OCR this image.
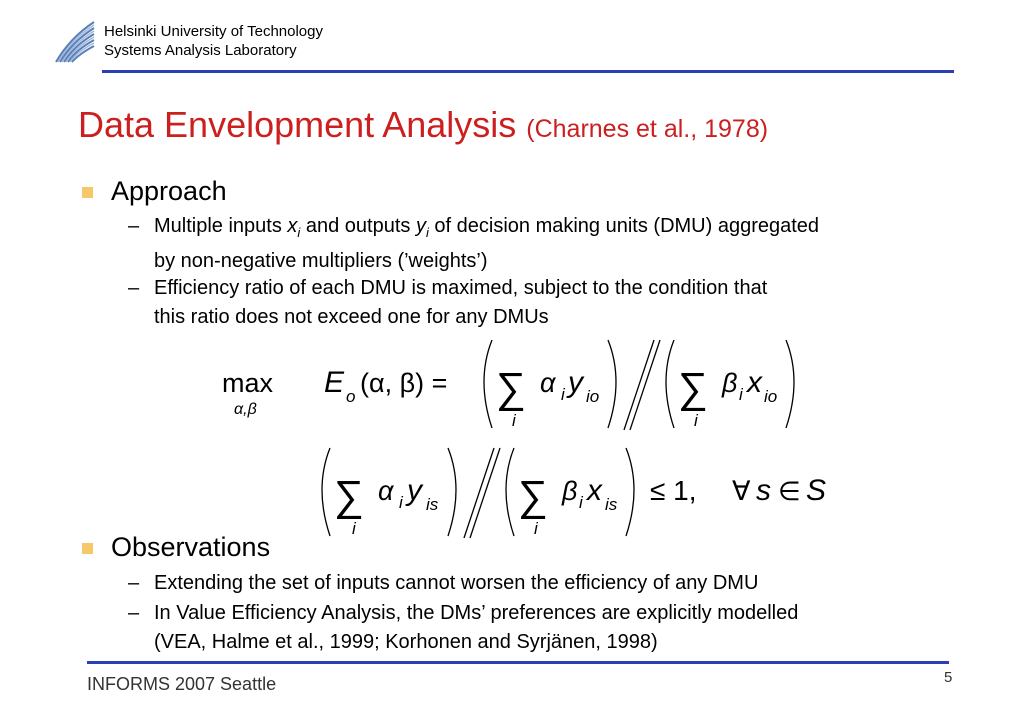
Helsinki University of Technology
Systems Analysis Laboratory
Data Envelopment Analysis (Charnes et al., 1978)
Approach
– Multiple inputs $x_i$ and outputs $y_i$ of decision making units (DMU) aggregated
by non-negative multipliers (’weights’)
– Efficiency ratio of each DMU is maximed, subject to the condition that
this ratio does not exceed one for any DMUs
max
α,β
E o (α, β) = ∑
i
α i y io ∑
i
β i x io
∑
i
α i y is ∑
i
β i x is ≤ 1, ∀ s ∈ S
Observations
– Extending the set of inputs cannot worsen the efficiency of any DMU
– In Value Efficiency Analysis, the DMs’ preferences are explicitly modelled
(VEA, Halme et al., 1999; Korhonen and Syrjänen, 1998)
INFORMS 2007 Seattle	5
